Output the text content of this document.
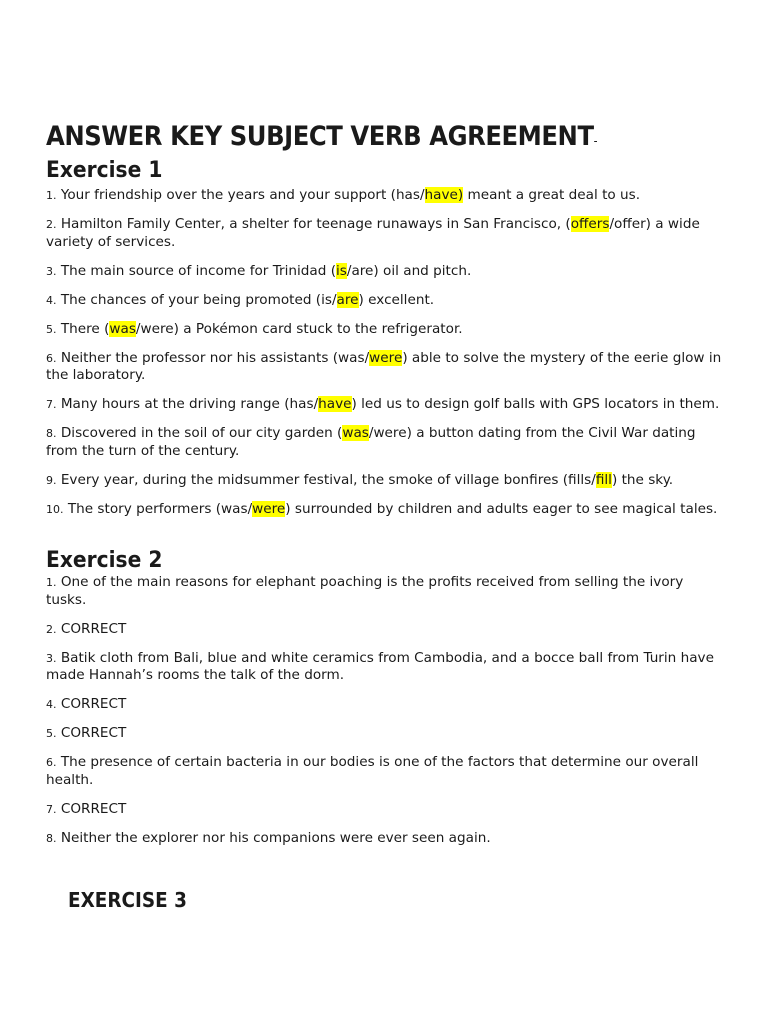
ANSWER KEY SUBJECT VERB AGREEMENT-
Exercise 1

1. Your friendship over the years and your support (has/have) meant a great deal to us.

2. Hamilton Family Center, a shelter for teenage runaways in San Francisco, (offers/offer) a wide variety of services.

3. The main source of income for Trinidad (is/are) oil and pitch.

4. The chances of your being promoted (is/are) excellent.

5. There (was/were) a Pokémon card stuck to the refrigerator.

6. Neither the professor nor his assistants (was/were) able to solve the mystery of the eerie glow in the laboratory.

7. Many hours at the driving range (has/have) led us to design golf balls with GPS locators in them.

8. Discovered in the soil of our city garden (was/were) a button dating from the Civil War dating from the turn of the century.

9. Every year, during the midsummer festival, the smoke of village bonfires (fills/fill) the sky.

10. The story performers (was/were) surrounded by children and adults eager to see magical tales.

Exercise 2

1. One of the main reasons for elephant poaching is the profits received from selling the ivory tusks.

2. CORRECT

3. Batik cloth from Bali, blue and white ceramics from Cambodia, and a bocce ball from Turin have made Hannah’s rooms the talk of the dorm.

4. CORRECT

5. CORRECT

6. The presence of certain bacteria in our bodies is one of the factors that determine our overall health.

7. CORRECT

8. Neither the explorer nor his companions were ever seen again.

EXERCISE 3
